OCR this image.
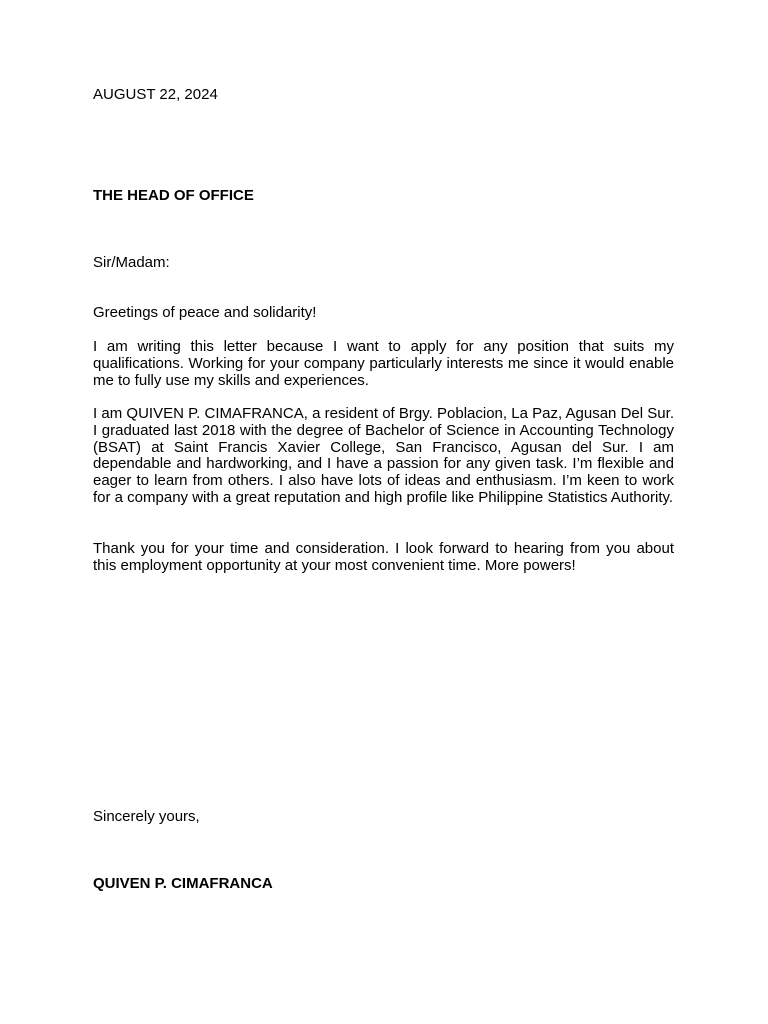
AUGUST 22, 2024

THE HEAD OF OFFICE

Sir/Madam:

Greetings of peace and solidarity!

I am writing this letter because I want to apply for any position that suits my qualifications. Working for your company particularly interests me since it would enable me to fully use my skills and experiences.

I am QUIVEN P. CIMAFRANCA, a resident of Brgy. Poblacion, La Paz, Agusan Del Sur. I graduated last 2018 with the degree of Bachelor of Science in Accounting Technology (BSAT) at Saint Francis Xavier College, San Francisco, Agusan del Sur. I am dependable and hardworking, and I have a passion for any given task. I’m flexible and eager to learn from others. I also have lots of ideas and enthusiasm. I’m keen to work for a company with a great reputation and high profile like Philippine Statistics Authority.

Thank you for your time and consideration. I look forward to hearing from you about this employment opportunity at your most convenient time. More powers!

Sincerely yours,

QUIVEN P. CIMAFRANCA
